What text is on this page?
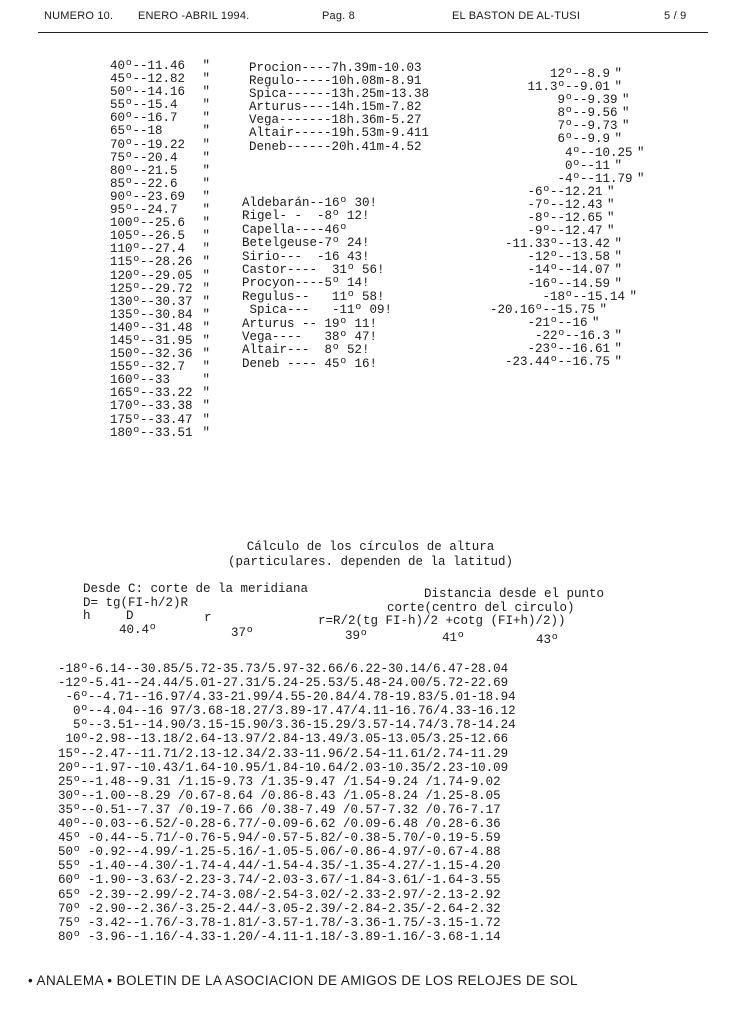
NUMERO 10. ENERO -ABRIL 1994.	Pag. 8	EL BASTON DE AL-TUSI	5 / 9
40º--11.46 "
45º--12.82 "
50º--14.16 "
55º--15.4 "
60º--16.7 "
65º--18	"
70º--19.22 "
75º--20.4 "
80º--21.5 "
85º--22.6 "
90º--23.69 "
95º--24.7 "
100º--25.6 "
105º--26.5 "
110º--27.4 "
115º--28.26 "
120º--29.05 "
125º--29.72 "
130º--30.37 "
135º--30.84 "
140º--31.48 "
145º--31.95 "
150º--32.36 "
155º--32.7 "
160º--33	"
165º--33.22 "
170º--33.38 "
175º--33.47 "
180º--33.51 "
Procion----7h.39m-10.03
Regulo-----10h.08m-8.91
Spica------13h.25m-13.38
Arturus----14h.15m-7.82
Vega-------18h.36m-5.27
Altair-----19h.53m-9.411
Deneb------20h.41m-4.52
12º--8.9 "
11.3º--9.01 "
9º--9.39 "
8º--9.56 "
7º--9.73 "
6º--9.9 "
4º--10.25 "
0º--11 "
-4º--11.79 "
-6º--12.21 "
-7º--12.43 "
-8º--12.65 "
-9º--12.47 "
-11.33º--13.42 "
-12º--13.58 "
-14º--14.07 "
-16º--14.59 "
-18º--15.14 "
-20.16º--15.75 "
-21º--16 "
-22º--16.3 "
-23º--16.61 "
-23.44º--16.75 "
Aldebarán--16º 30!
Rigel- -  -8º 12!
Capella----46º
Betelgeuse-7º 24!
Sirio---  -16 43!
Castor----  31º 56!
Procyon----5º 14!
Regulus--   11º 58!
Spica---   -11º 09!
Arturus -- 19º 11!
Vega----   38º 47!
Altair---  8º 52!
Deneb ---- 45º 16!
Cálculo de los círculos de altura
(particulares. dependen de la latitud)
Desde C: corte de la meridiana
D= tg(FI-h/2)R
h	D	r
Distancia desde el punto
corte(centro del circulo)
r=R/2(tg FI-h)/2 +cotg (FI+h)/2))
40.4º	37º	39º	41º	43º
-18º-6.14--30.85/5.72-35.73/5.97-32.66/6.22-30.14/6.47-28.04
-12º-5.41--24.44/5.01-27.31/5.24-25.53/5.48-24.00/5.72-22.69
-6º--4.71--16.97/4.33-21.99/4.55-20.84/4.78-19.83/5.01-18.94
0º--4.04--16 97/3.68-18.27/3.89-17.47/4.11-16.76/4.33-16.12
5º--3.51--14.90/3.15-15.90/3.36-15.29/3.57-14.74/3.78-14.24
10º-2.98--13.18/2.64-13.97/2.84-13.49/3.05-13.05/3.25-12.66
15º--2.47--11.71/2.13-12.34/2.33-11.96/2.54-11.61/2.74-11.29
20º--1.97--10.43/1.64-10.95/1.84-10.64/2.03-10.35/2.23-10.09
25º--1.48--9.31 /1.15-9.73 /1.35-9.47 /1.54-9.24 /1.74-9.02
30º--1.00--8.29 /0.67-8.64 /0.86-8.43 /1.05-8.24 /1.25-8.05
35º--0.51--7.37 /0.19-7.66 /0.38-7.49 /0.57-7.32 /0.76-7.17
40º--0.03--6.52/-0.28-6.77/-0.09-6.62 /0.09-6.48 /0.28-6.36
45º -0.44--5.71/-0.76-5.94/-0.57-5.82/-0.38-5.70/-0.19-5.59
50º -0.92--4.99/-1.25-5.16/-1.05-5.06/-0.86-4.97/-0.67-4.88
55º -1.40--4.30/-1.74-4.44/-1.54-4.35/-1.35-4.27/-1.15-4.20
60º -1.90--3.63/-2.23-3.74/-2.03-3.67/-1.84-3.61/-1.64-3.55
65º -2.39--2.99/-2.74-3.08/-2.54-3.02/-2.33-2.97/-2.13-2.92
70º -2.90--2.36/-3.25-2.44/-3.05-2.39/-2.84-2.35/-2.64-2.32
75º -3.42--1.76/-3.78-1.81/-3.57-1.78/-3.36-1.75/-3.15-1.72
80º -3.96--1.16/-4.33-1.20/-4.11-1.18/-3.89-1.16/-3.68-1.14
• ANALEMA • BOLETIN DE LA ASOCIACION DE AMIGOS DE LOS RELOJES DE SOL
